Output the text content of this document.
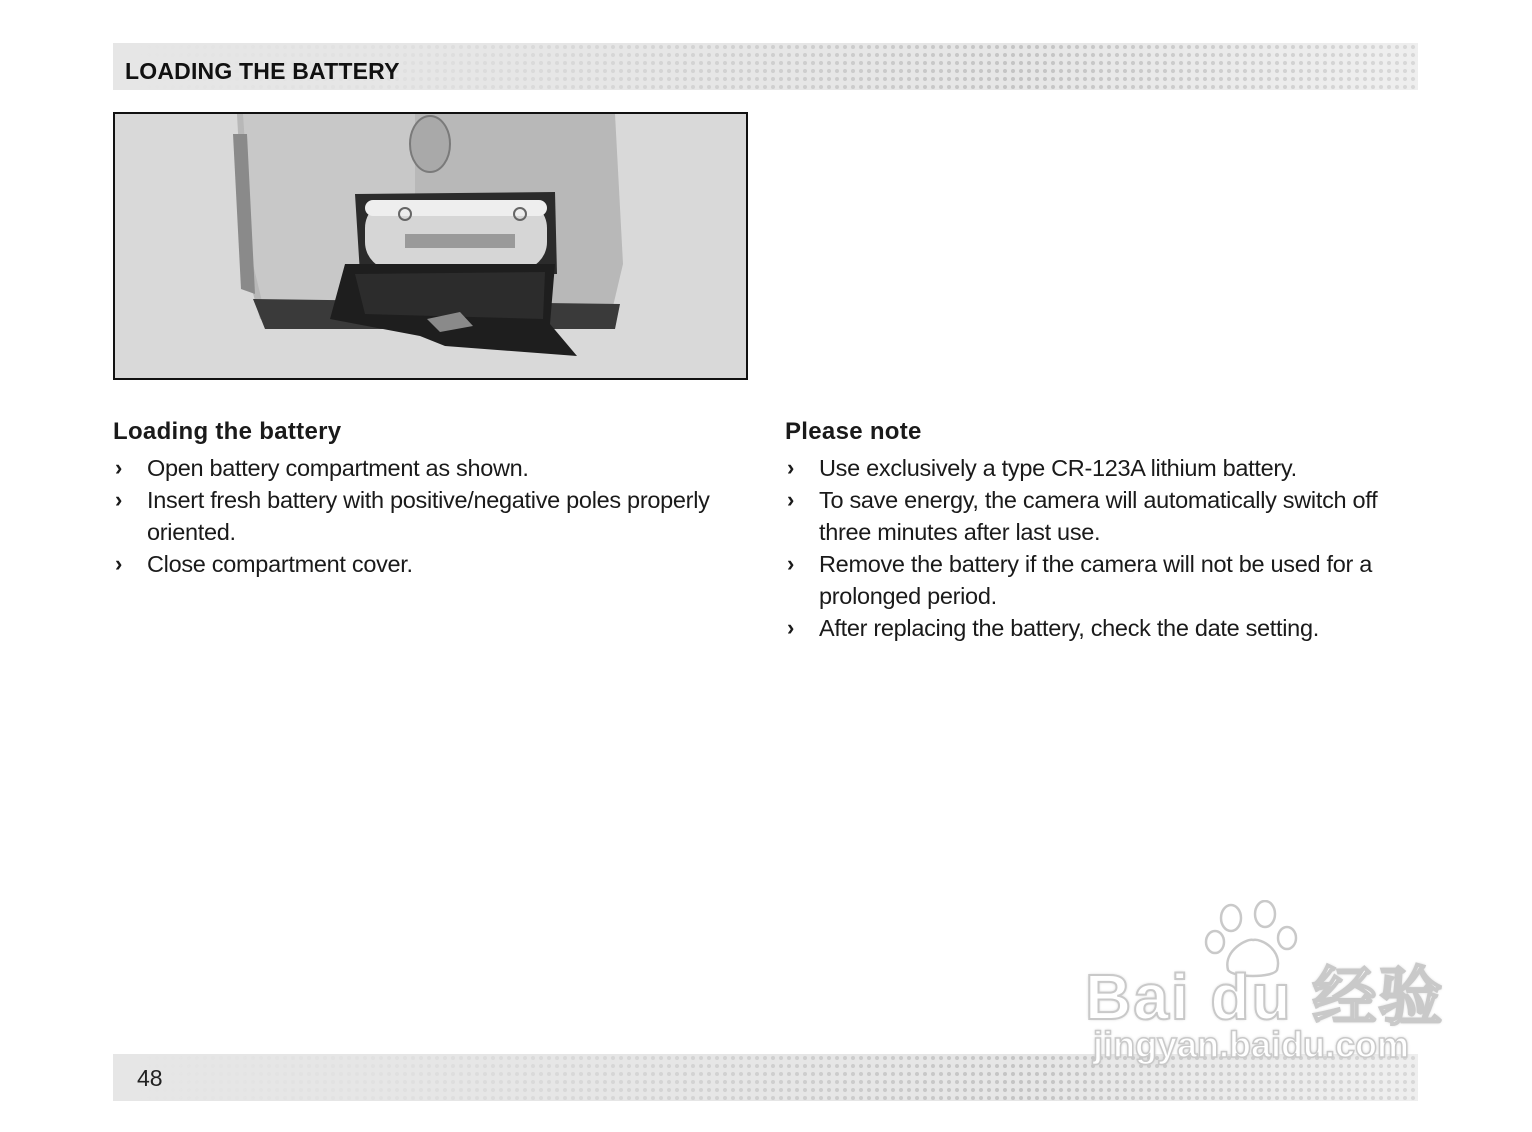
LOADING THE BATTERY
Loading the battery
› Open battery compartment as shown.
› Insert fresh battery with positive/negative poles properly oriented.
› Close compartment cover.
Please note
› Use exclusively a type CR-123A lithium battery.
› To save energy, the camera will automatically switch off three minutes after last use.
› Remove the battery if the camera will not be used for a prolonged period.
› After replacing the battery, check the date setting.
48
Bai du 经验
jingyan.baidu.com
